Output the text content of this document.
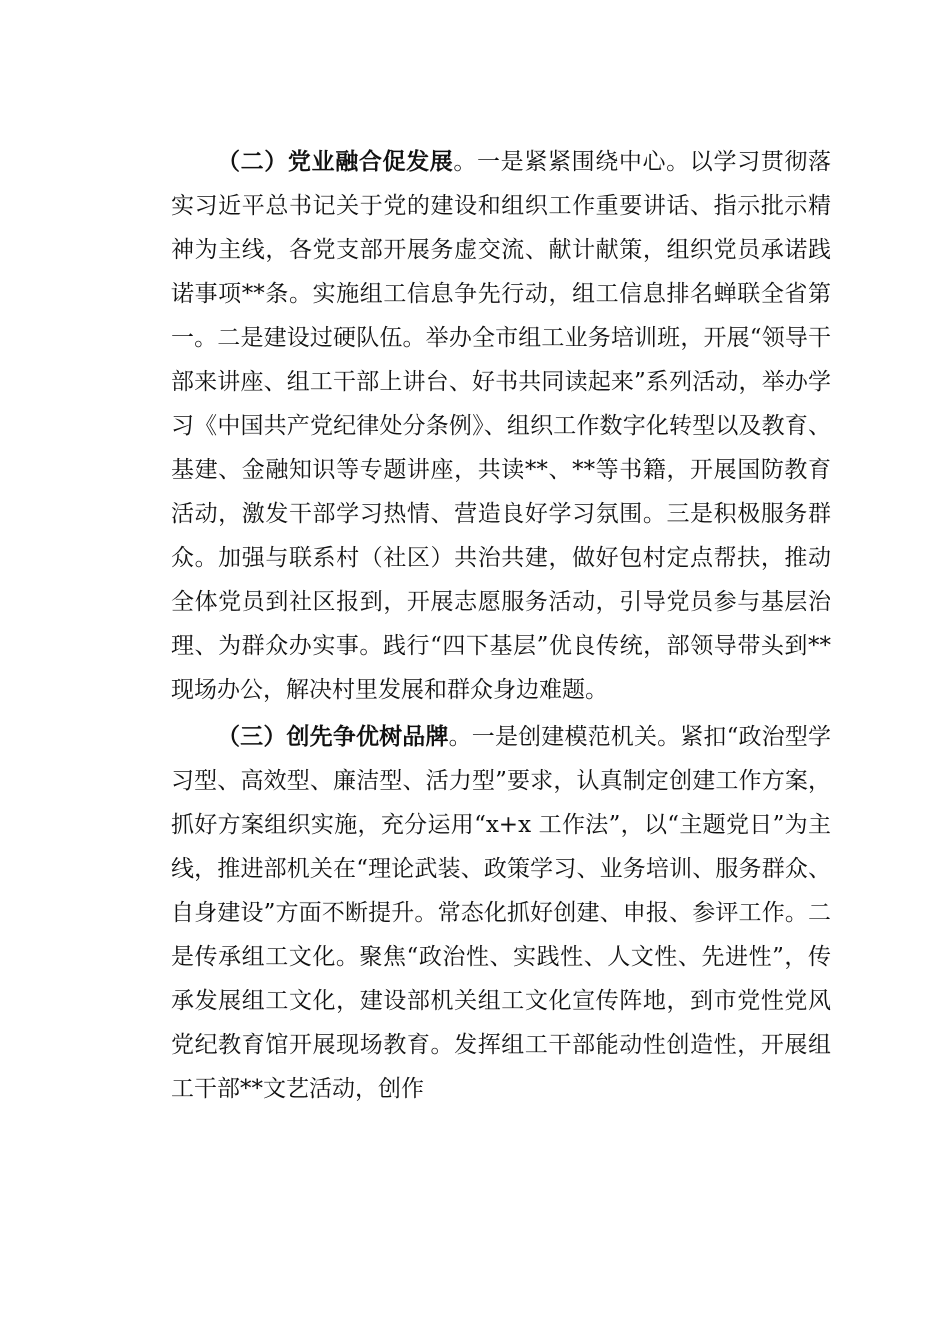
（二）党业融合促发展。一是紧紧围绕中心。以学习贯彻落实习近平总书记关于党的建设和组织工作重要讲话、指示批示精神为主线，各党支部开展务虚交流、献计献策，组织党员承诺践诺事项**条。实施组工信息争先行动，组工信息排名蝉联全省第一。二是建设过硬队伍。举办全市组工业务培训班，开展“领导干部来讲座、组工干部上讲台、好书共同读起来”系列活动，举办学习《中国共产党纪律处分条例》、组织工作数字化转型以及教育、基建、金融知识等专题讲座，共读**、**等书籍，开展国防教育活动，激发干部学习热情、营造良好学习氛围。三是积极服务群众。加强与联系村（社区）共治共建，做好包村定点帮扶，推动全体党员到社区报到，开展志愿服务活动，引导党员参与基层治理、为群众办实事。践行“四下基层”优良传统，部领导带头到**现场办公，解决村里发展和群众身边难题。

（三）创先争优树品牌。一是创建模范机关。紧扣“政治型学习型、高效型、廉洁型、活力型”要求，认真制定创建工作方案，抓好方案组织实施，充分运用“x+x 工作法”，以“主题党日”为主线，推进部机关在“理论武装、政策学习、业务培训、服务群众、自身建设”方面不断提升。常态化抓好创建、申报、参评工作。二是传承组工文化。聚焦“政治性、实践性、人文性、先进性”，传承发展组工文化，建设部机关组工文化宣传阵地，到市党性党风党纪教育馆开展现场教育。发挥组工干部能动性创造性，开展组工干部**文艺活动，创作
